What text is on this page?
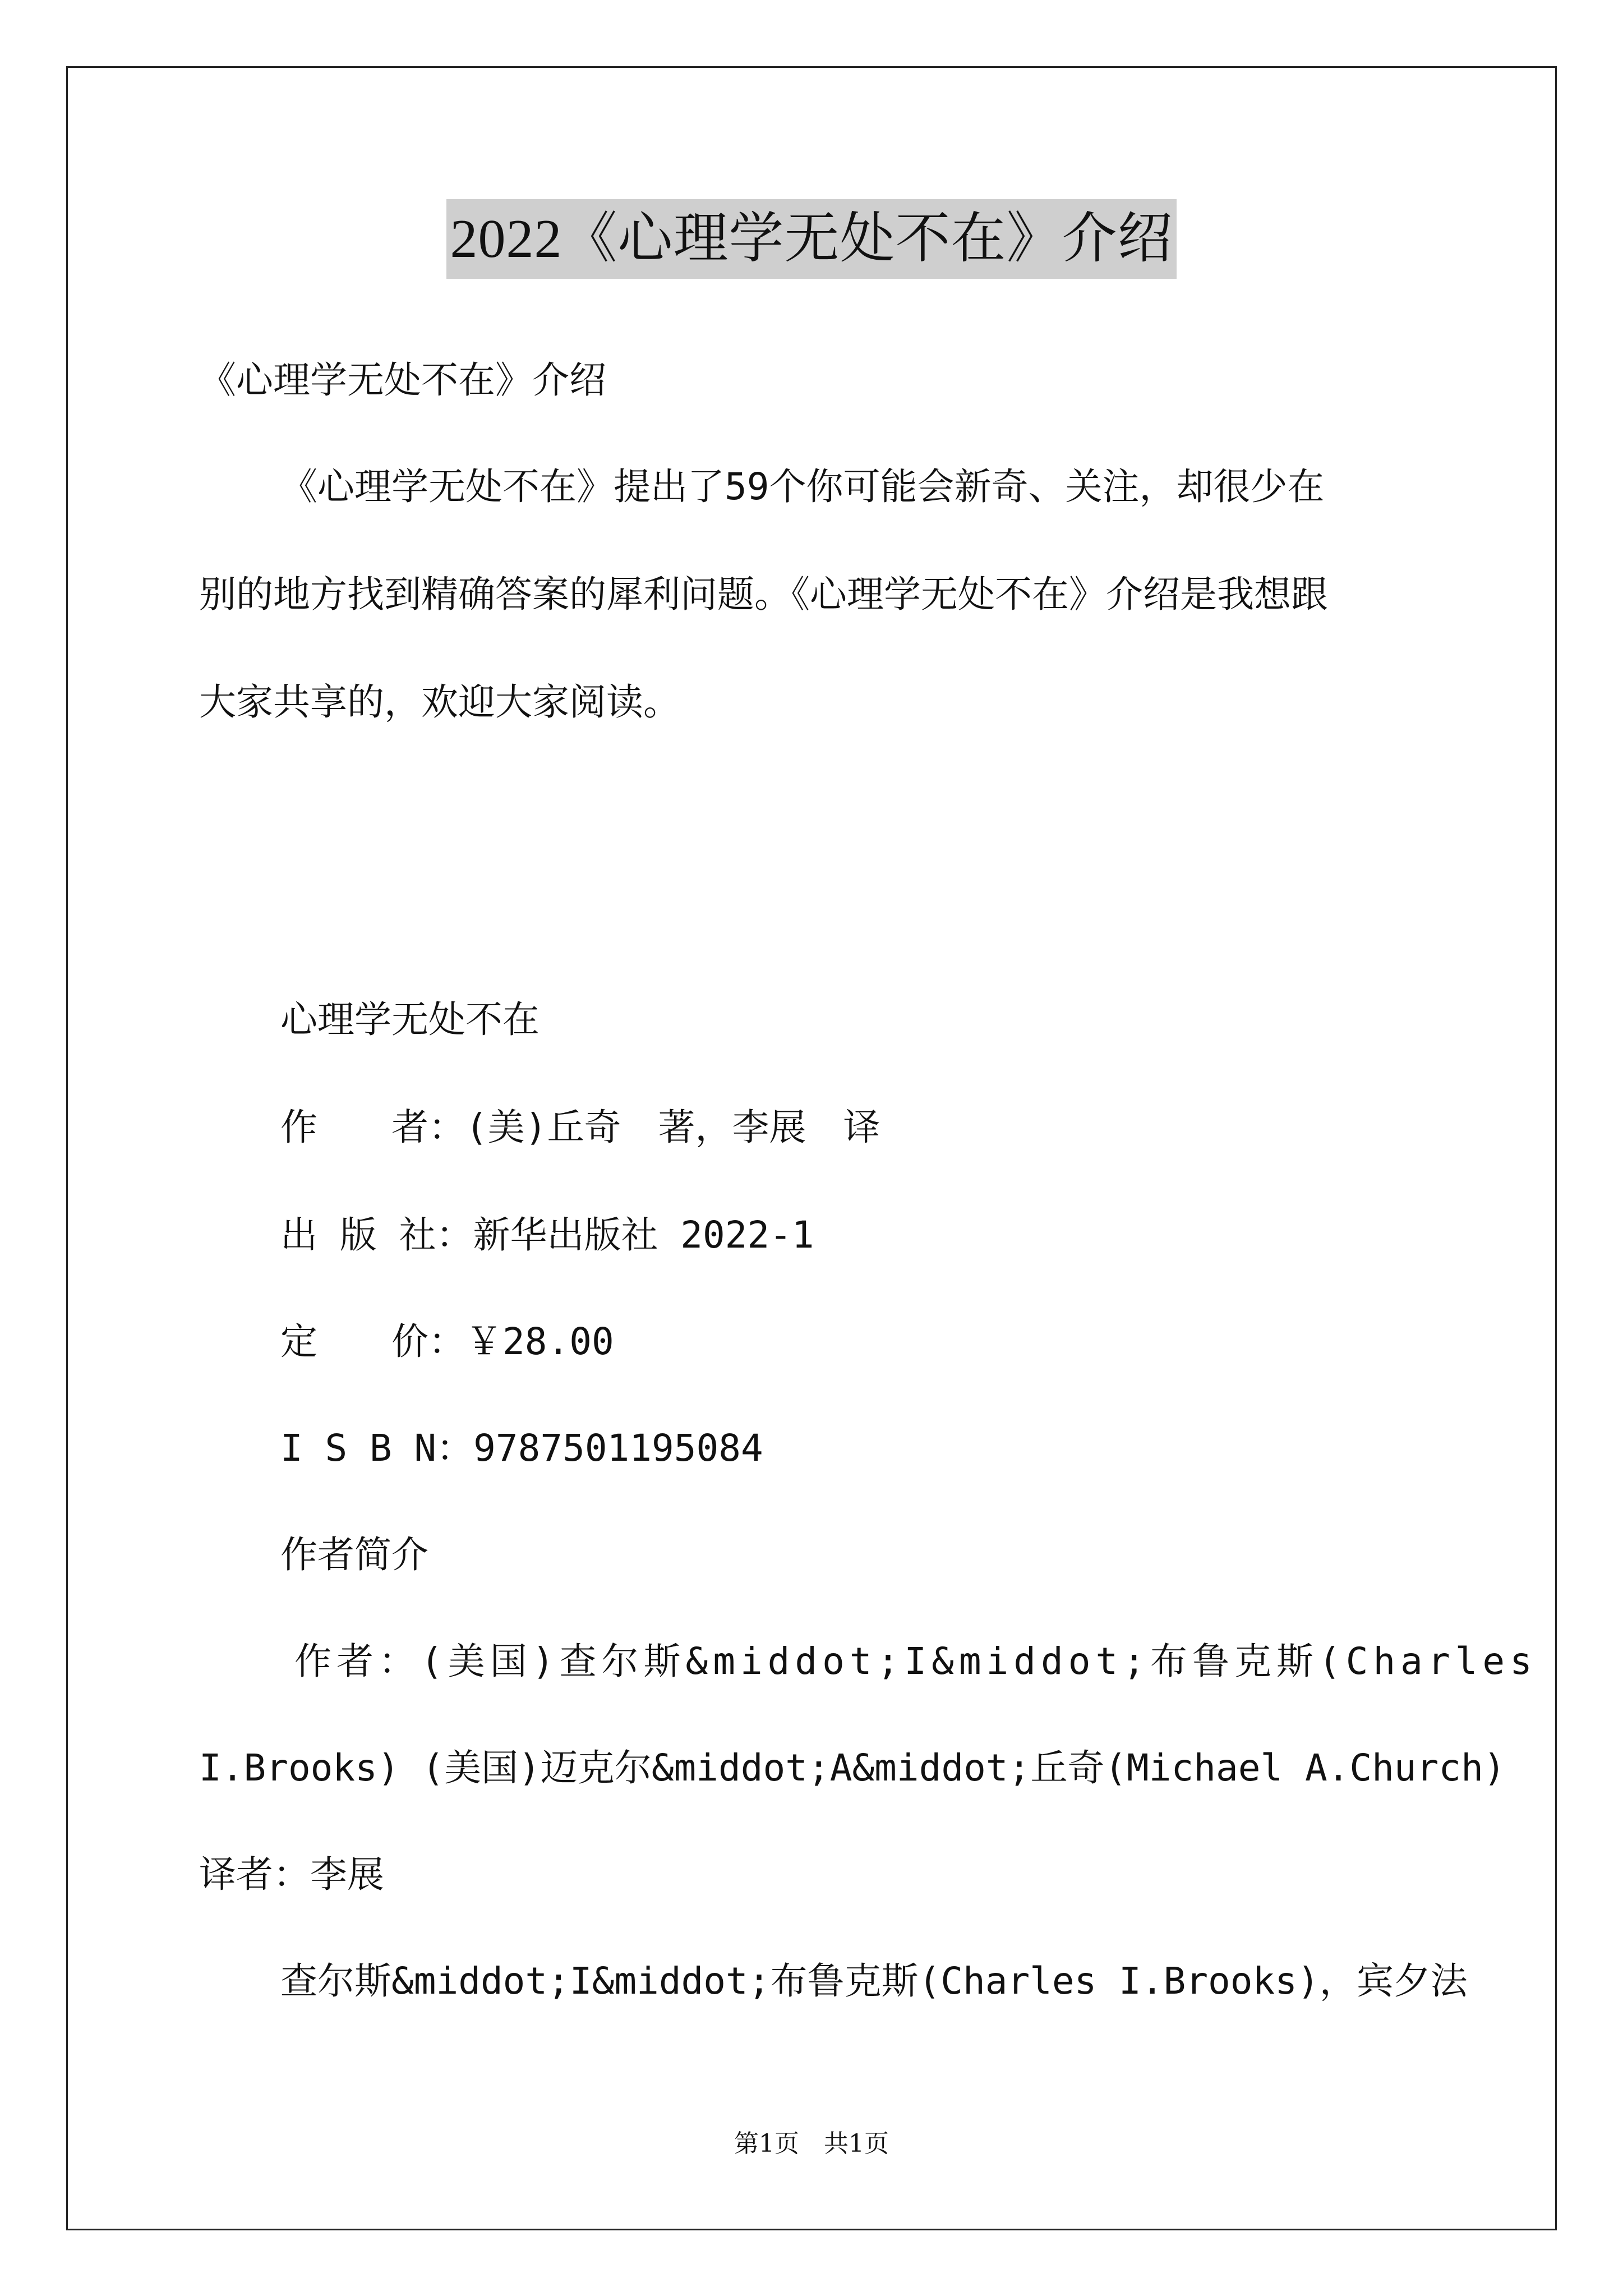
2022《心理学无处不在》介绍
《心理学无处不在》介绍
《心理学无处不在》提出了59个你可能会新奇、关注，却很少在
别的地方找到精确答案的犀利问题。《心理学无处不在》介绍是我想跟
大家共享的，欢迎大家阅读。
心理学无处不在
作　　者：(美)丘奇　著，李展　译
出 版 社：新华出版社 2022-1
定　　价：￥28.00
I S B N：9787501195084
作者简介
作者：(美国)查尔斯&middot;I&middot;布鲁克斯(Charles
I.Brooks) (美国)迈克尔&middot;A&middot;丘奇(Michael A.Church)
译者：李展
查尔斯&middot;I&middot;布鲁克斯(Charles I.Brooks)，宾夕法
第1页　共1页
